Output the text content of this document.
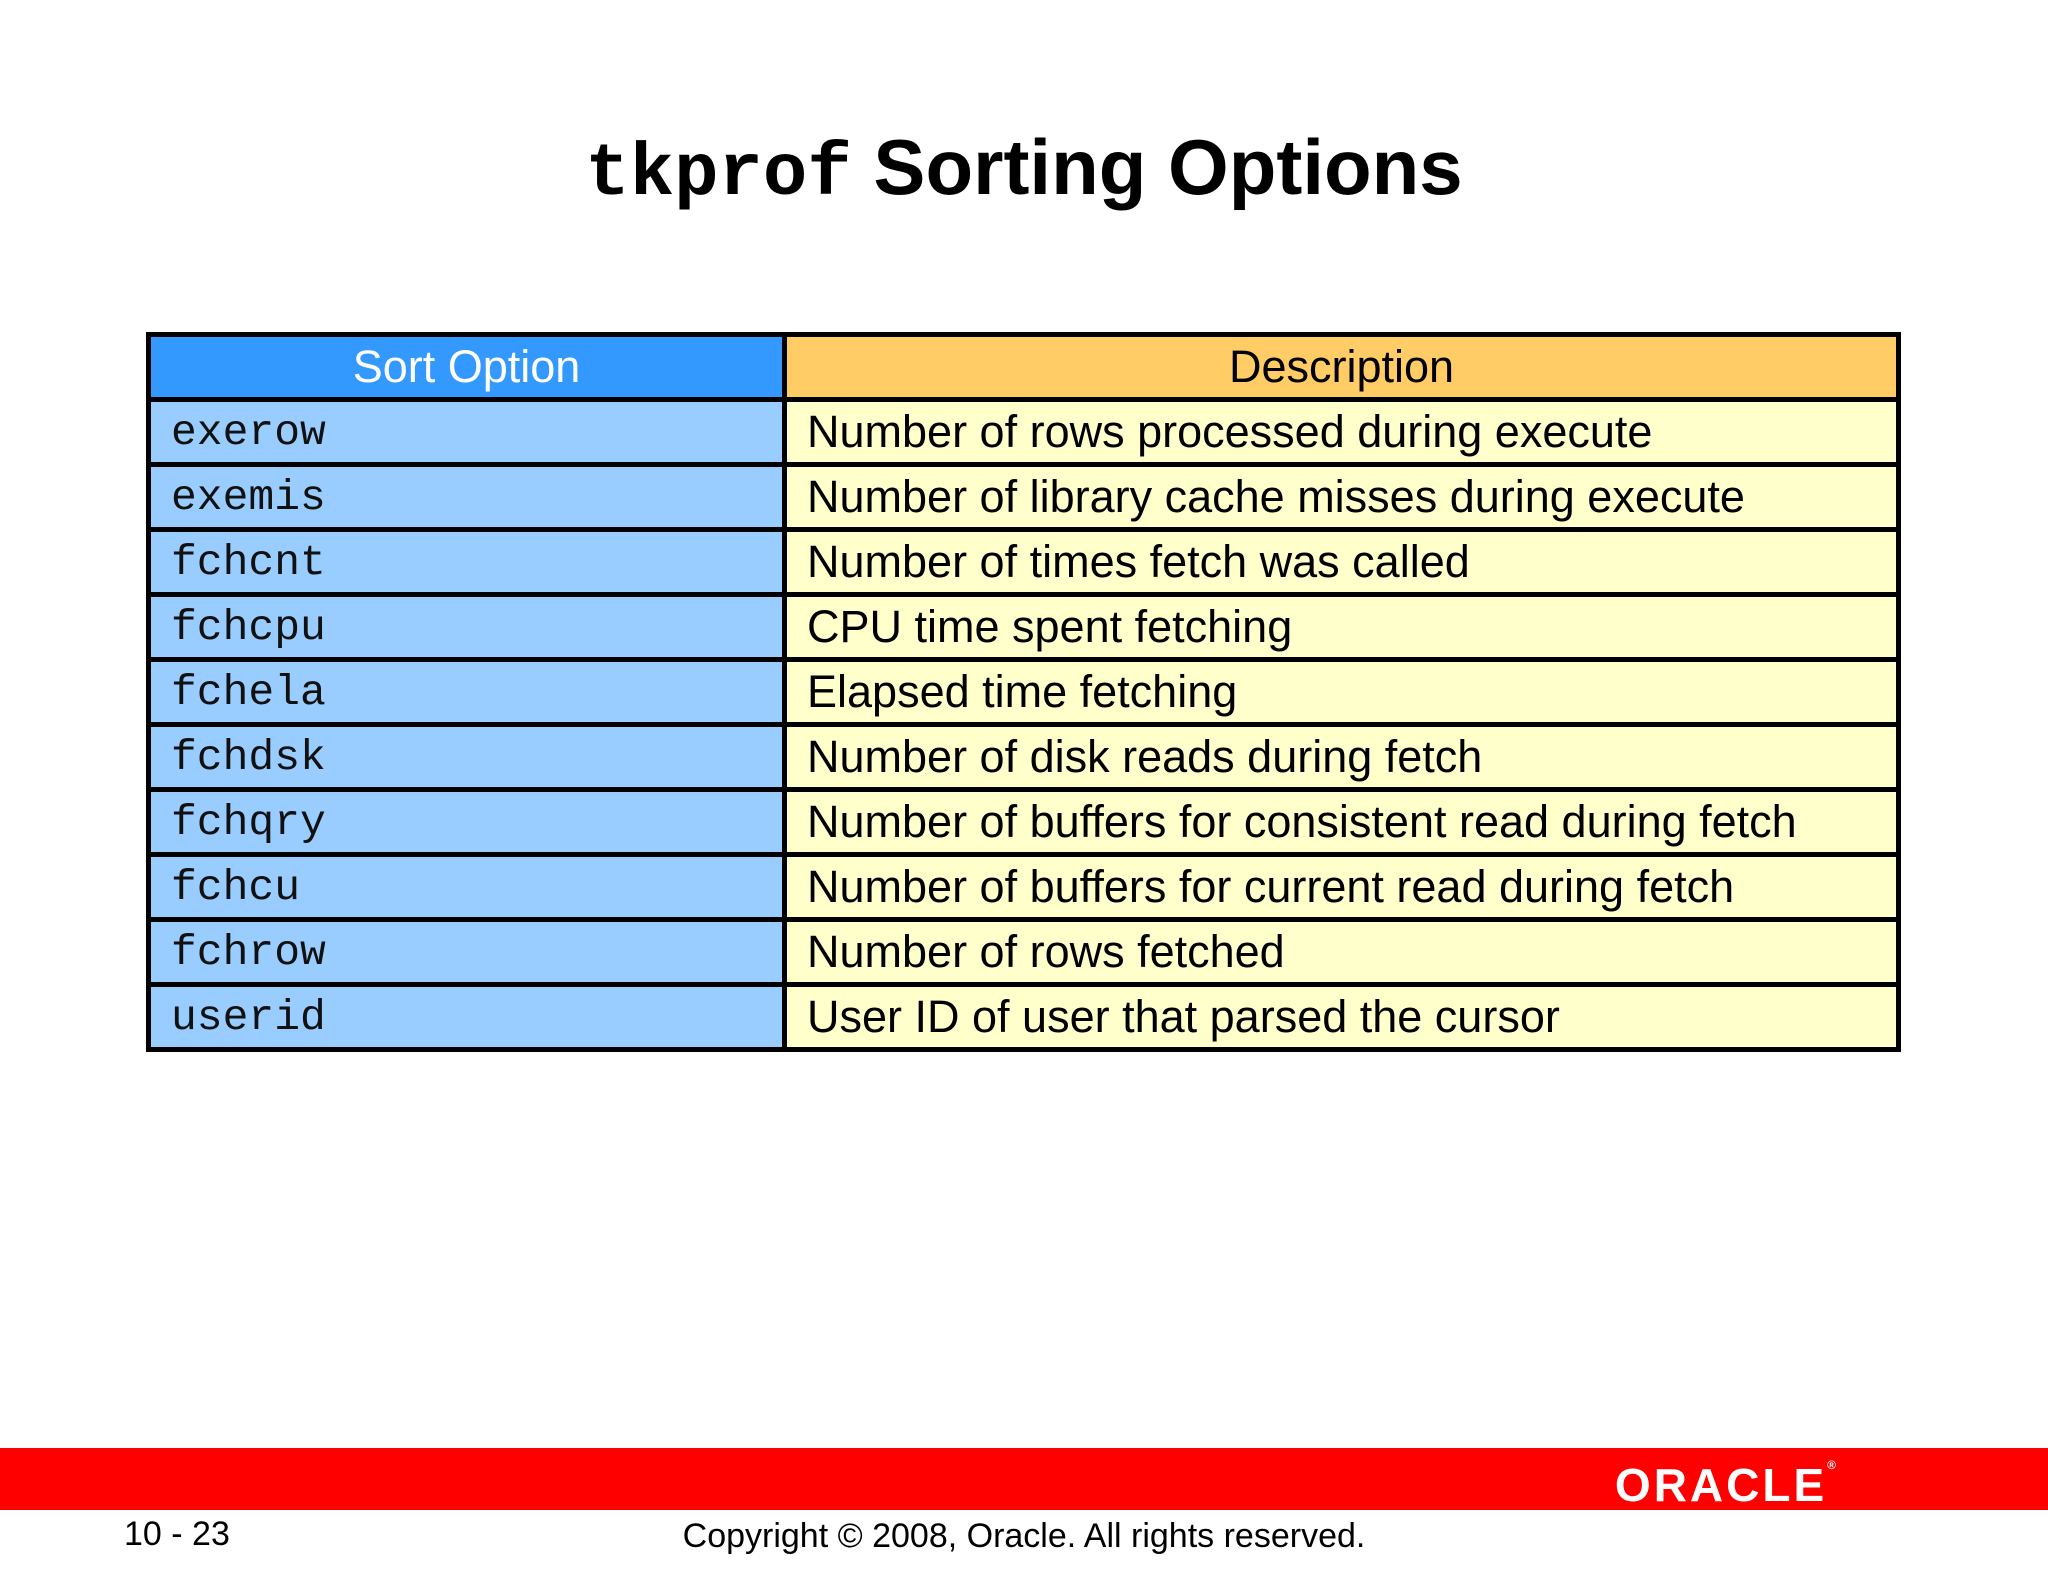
tkprof Sorting Options
Sort Option	Description
exerow	Number of rows processed during execute
exemis	Number of library cache misses during execute
fchcnt	Number of times fetch was called
fchcpu	CPU time spent fetching
fchela	Elapsed time fetching
fchdsk	Number of disk reads during fetch
fchqry	Number of buffers for consistent read during fetch
fchcu	Number of buffers for current read during fetch
fchrow	Number of rows fetched
userid	User ID of user that parsed the cursor
ORACLE®
10 - 23	Copyright © 2008, Oracle. All rights reserved.
